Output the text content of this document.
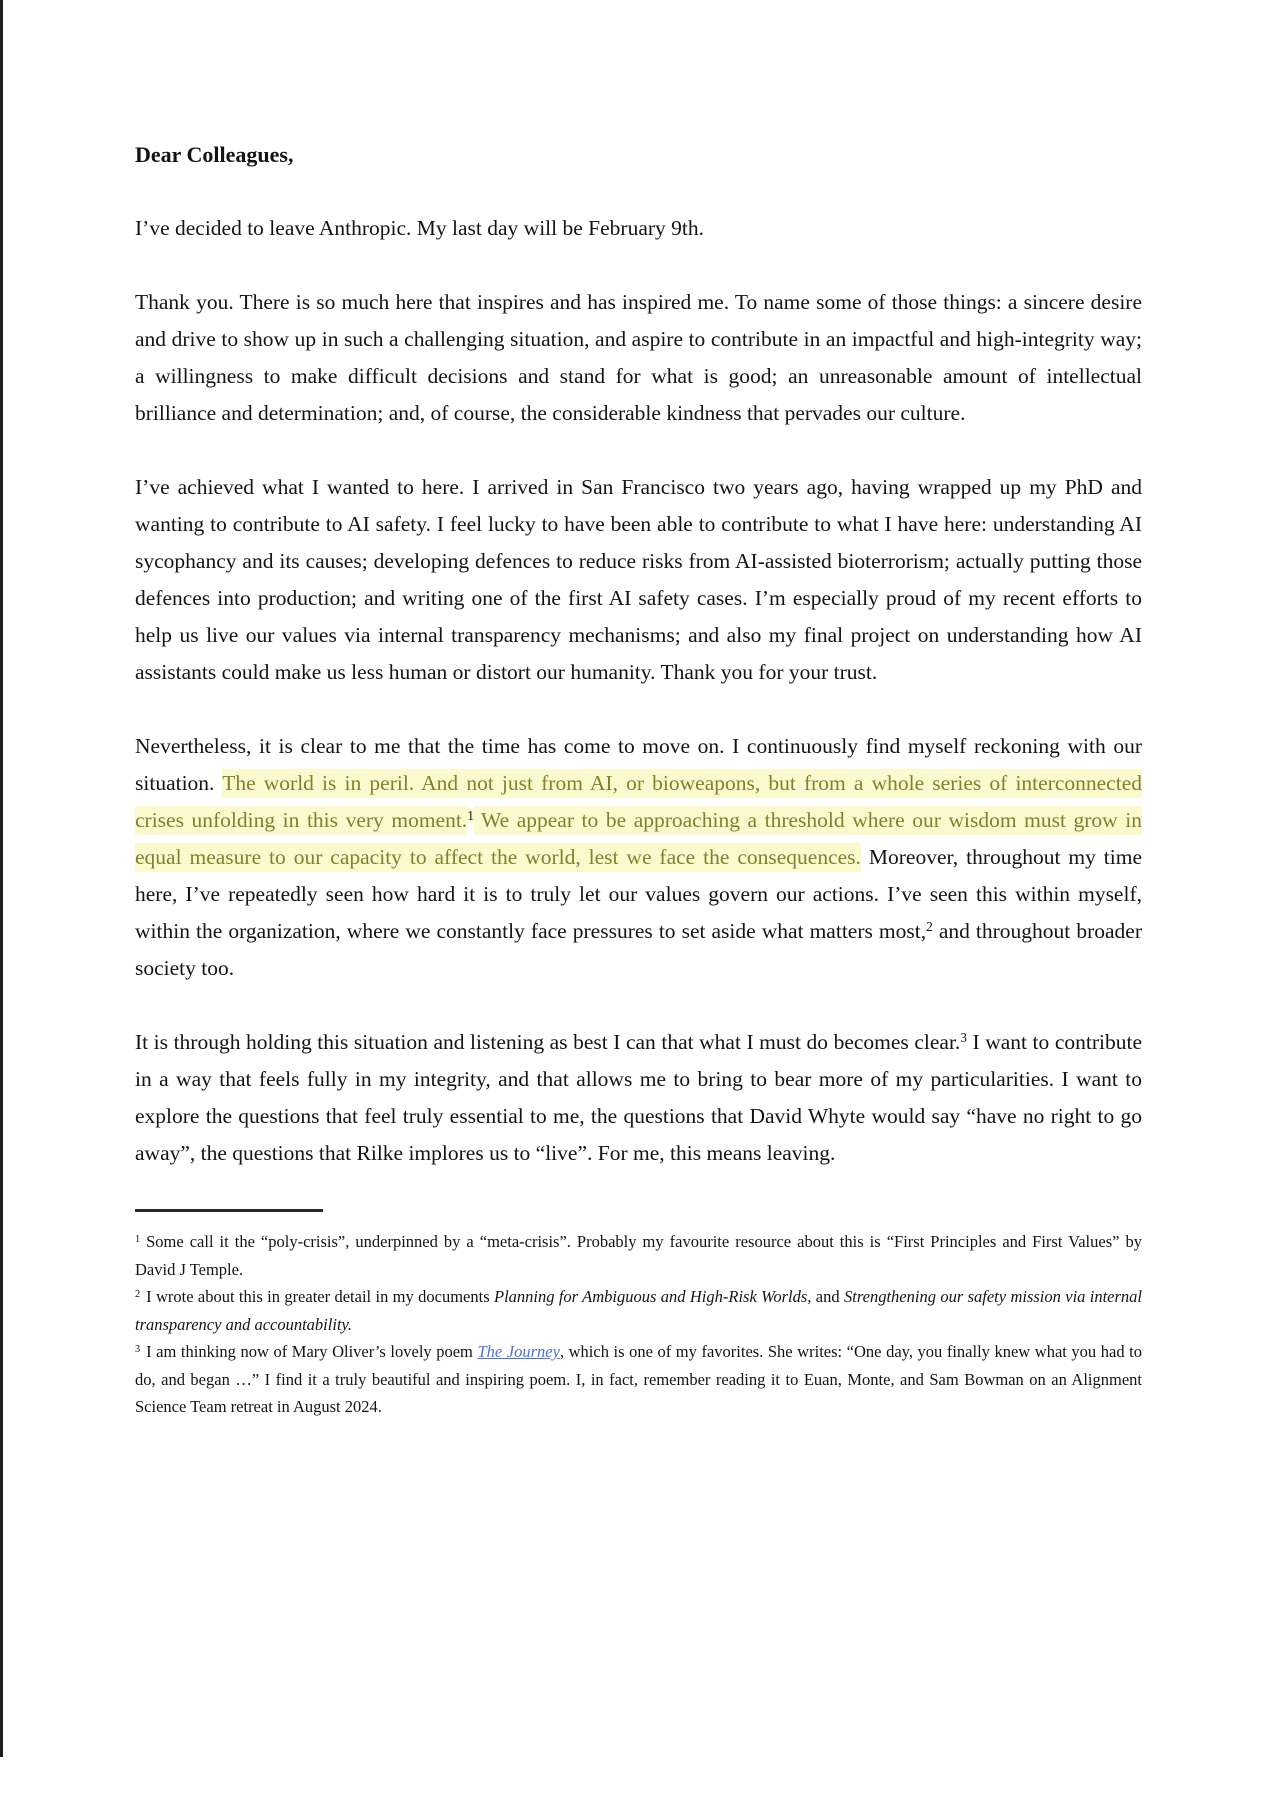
Dear Colleagues,

I’ve decided to leave Anthropic. My last day will be February 9th.

Thank you. There is so much here that inspires and has inspired me. To name some of those things: a sincere desire and drive to show up in such a challenging situation, and aspire to contribute in an impactful and high-integrity way; a willingness to make difficult decisions and stand for what is good; an unreasonable amount of intellectual brilliance and determination; and, of course, the considerable kindness that pervades our culture.

I’ve achieved what I wanted to here. I arrived in San Francisco two years ago, having wrapped up my PhD and wanting to contribute to AI safety. I feel lucky to have been able to contribute to what I have here: understanding AI sycophancy and its causes; developing defences to reduce risks from AI-assisted bioterrorism; actually putting those defences into production; and writing one of the first AI safety cases. I’m especially proud of my recent efforts to help us live our values via internal transparency mechanisms; and also my final project on understanding how AI assistants could make us less human or distort our humanity. Thank you for your trust.

Nevertheless, it is clear to me that the time has come to move on. I continuously find myself reckoning with our situation. The world is in peril. And not just from AI, or bioweapons, but from a whole series of interconnected crises unfolding in this very moment.$^1$ We appear to be approaching a threshold where our wisdom must grow in equal measure to our capacity to affect the world, lest we face the consequences. Moreover, throughout my time here, I’ve repeatedly seen how hard it is to truly let our values govern our actions. I’ve seen this within myself, within the organization, where we constantly face pressures to set aside what matters most,$^2$ and throughout broader society too.

It is through holding this situation and listening as best I can that what I must do becomes clear.$^3$ I want to contribute in a way that feels fully in my integrity, and that allows me to bring to bear more of my particularities. I want to explore the questions that feel truly essential to me, the questions that David Whyte would say “have no right to go away”, the questions that Rilke implores us to “live”. For me, this means leaving.

$^1$ Some call it the “poly-crisis”, underpinned by a “meta-crisis”. Probably my favourite resource about this is “First Principles and First Values” by David J Temple.

$^2$ I wrote about this in greater detail in my documents Planning for Ambiguous and High-Risk Worlds, and Strengthening our safety mission via internal transparency and accountability.

$^3$ I am thinking now of Mary Oliver’s lovely poem The Journey, which is one of my favorites. She writes: “One day, you finally knew what you had to do, and began …” I find it a truly beautiful and inspiring poem. I, in fact, remember reading it to Euan, Monte, and Sam Bowman on an Alignment Science Team retreat in August 2024.
